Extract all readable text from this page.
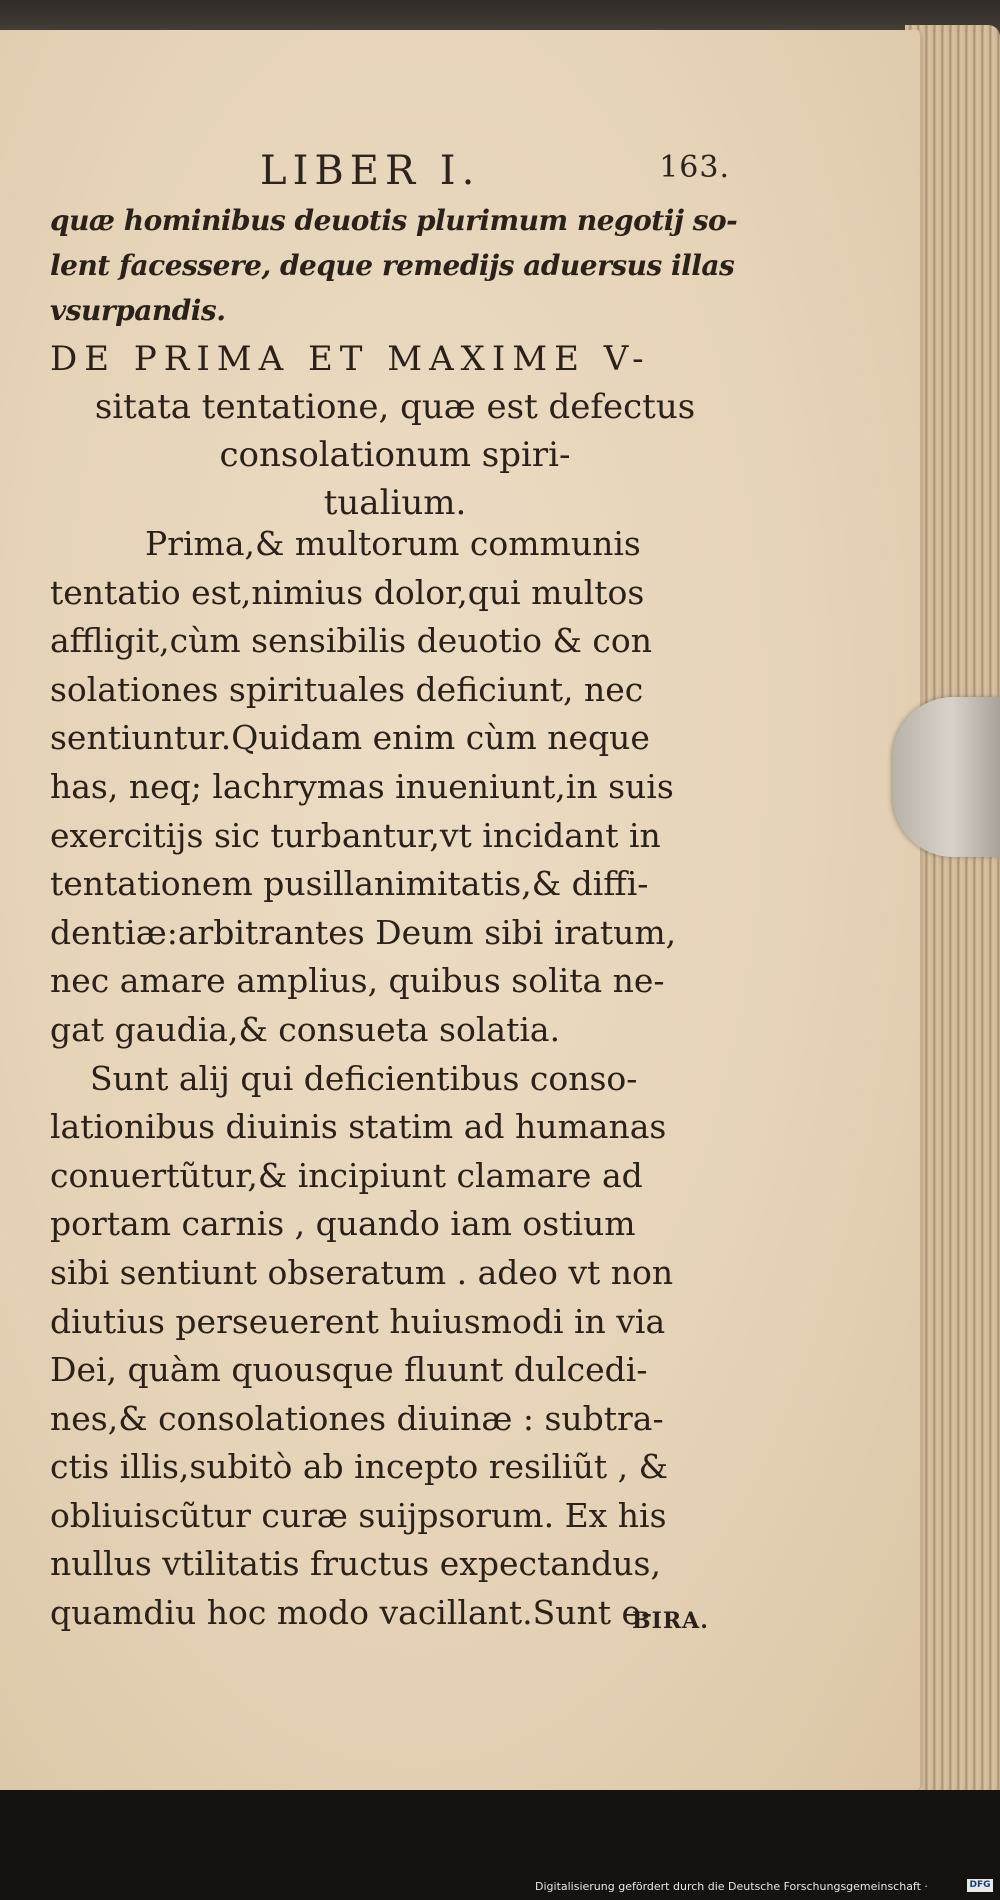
LIBER I.	163.
quæ hominibus deuotis plurimum negotij so-
lent facessere, deque remedijs aduersus illas
vsurpandis.
DE PRIMA ET MAXIME V-
sitata tentatione, quæ est defectus
consolationum spiri-
tualium.
Prima,& multorum communis
tentatio est,nimius dolor,qui multos
affligit,cùm sensibilis deuotio & con
solationes spirituales deficiunt, nec
sentiuntur.Quidam enim cùm neque
has, neq; lachrymas inueniunt,in suis
exercitijs sic turbantur,vt incidant in
tentationem pusillanimitatis,& diffi-
dentiæ:arbitrantes Deum sibi iratum,
nec amare amplius, quibus solita ne-
gat gaudia,& consueta solatia.
Sunt alij qui deficientibus conso-
lationibus diuinis statim ad humanas
conuertũtur,& incipiunt clamare ad
portam carnis , quando iam ostium
sibi sentiunt obseratum . adeo vt non
diutius perseuerent huiusmodi in via
Dei, quàm quousque fluunt dulcedi-
nes,& consolationes diuinæ : subtra-
ctis illis,subitò ab incepto resiliũt , &
obliuiscũtur curæ suijpsorum. Ex his
nullus vtilitatis fructus expectandus,
quamdiu hoc modo vacillant.Sunt e-
BIRA.
Digitalisierung gefördert durch die Deutsche Forschungsgemeinschaft ·	DFG
